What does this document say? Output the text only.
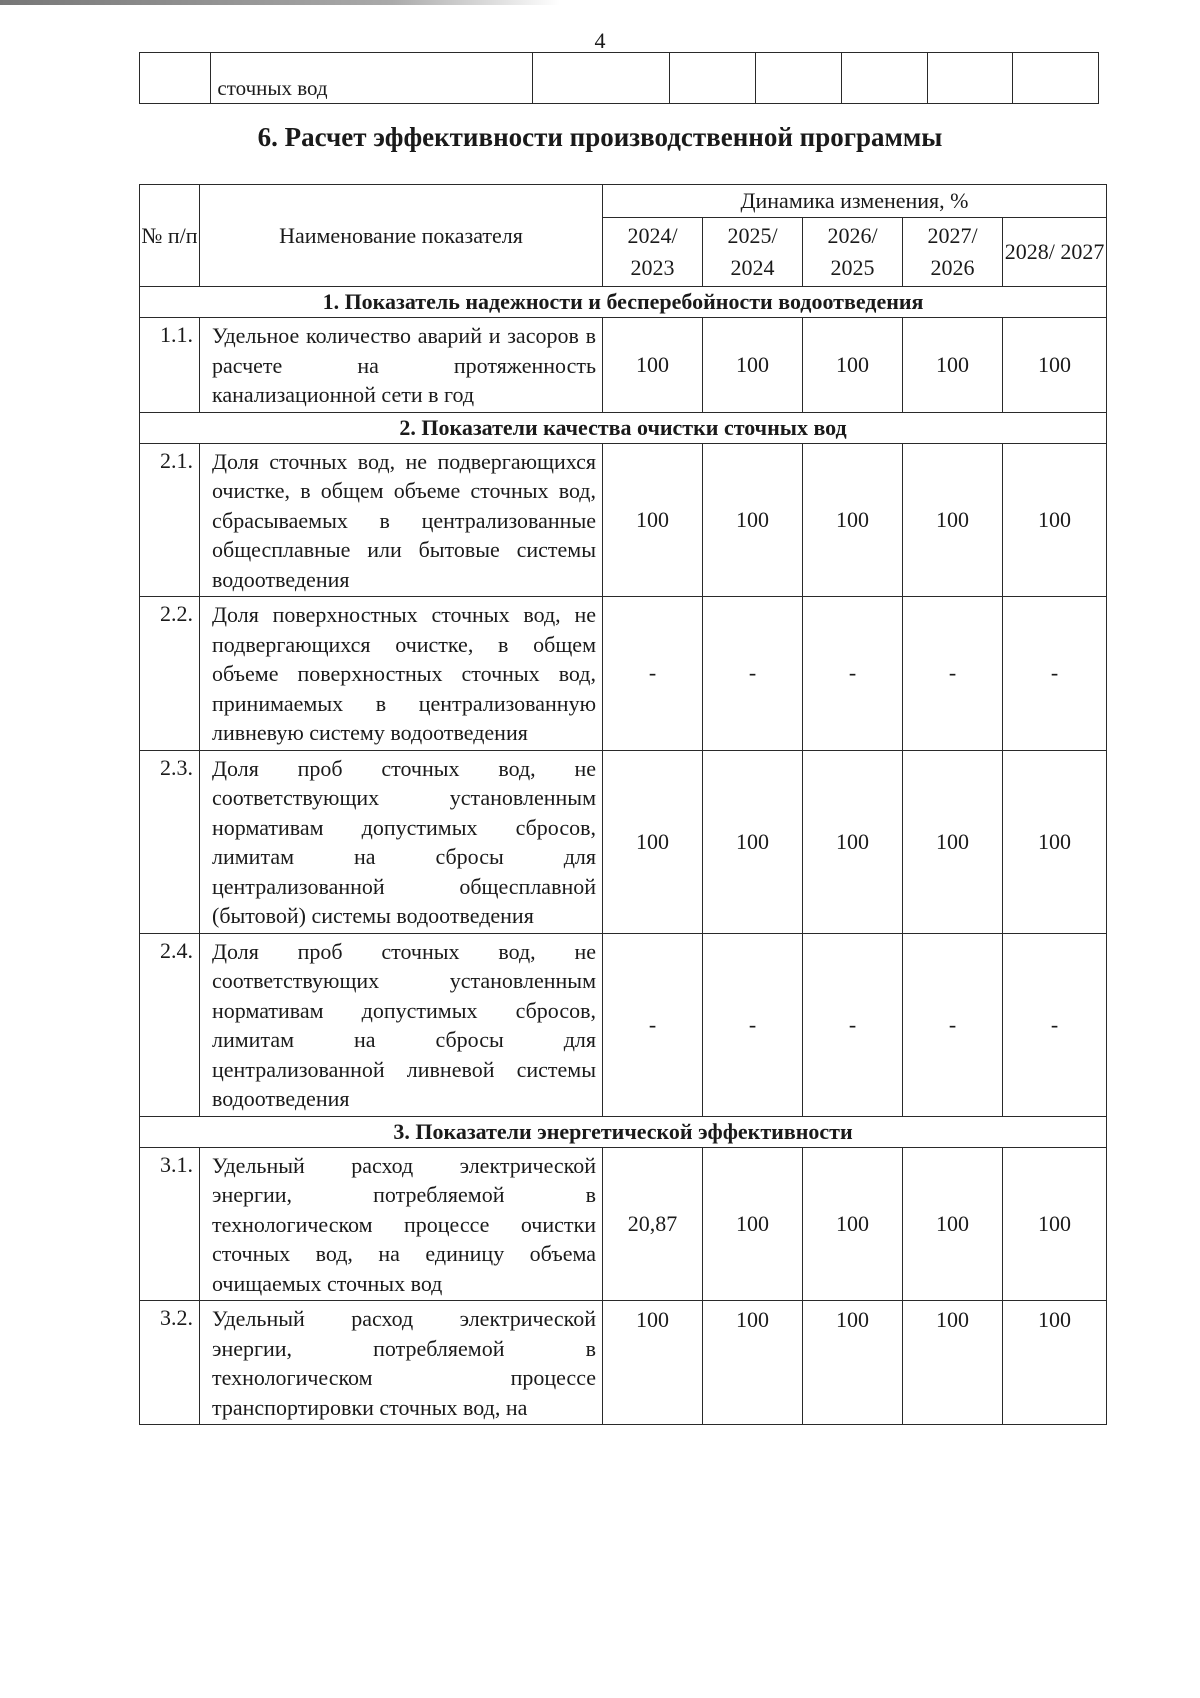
4
	сточных вод						
6. Расчет эффективности производственной программы
№ п/п	Наименование показателя	Динамика изменения, %				
		2024/ 2023	2025/ 2024	2026/ 2025	2027/ 2026	2028/ 2027
1. Показатель надежности и бесперебойности водоотведения						
1.1.	Удельное количество аварий и засоров в расчете на протяженность канализационной сети в год	100	100	100	100	100
2. Показатели качества очистки сточных вод						
2.1.	Доля сточных вод, не подвергающихся очистке, в общем объеме сточных вод, сбрасываемых в централизованные общесплавные или бытовые системы водоотведения	100	100	100	100	100
2.2.	Доля поверхностных сточных вод, не подвергающихся очистке, в общем объеме поверхностных сточных вод, принимаемых в централизованную ливневую систему водоотведения	-	-	-	-	-
2.3.	Доля проб сточных вод, не соответствующих установленным нормативам допустимых сбросов, лимитам на сбросы для централизованной общесплавной (бытовой) системы водоотведения	100	100	100	100	100
2.4.	Доля проб сточных вод, не соответствующих установленным нормативам допустимых сбросов, лимитам на сбросы для централизованной ливневой системы водоотведения	-	-	-	-	-
3. Показатели энергетической эффективности						
3.1.	Удельный расход электрической энергии, потребляемой в технологическом процессе очистки сточных вод, на единицу объема очищаемых сточных вод	20,87	100	100	100	100
3.2.	Удельный расход электрической энергии, потребляемой в технологическом процессе транспортировки сточных вод, на	100	100	100	100	100
